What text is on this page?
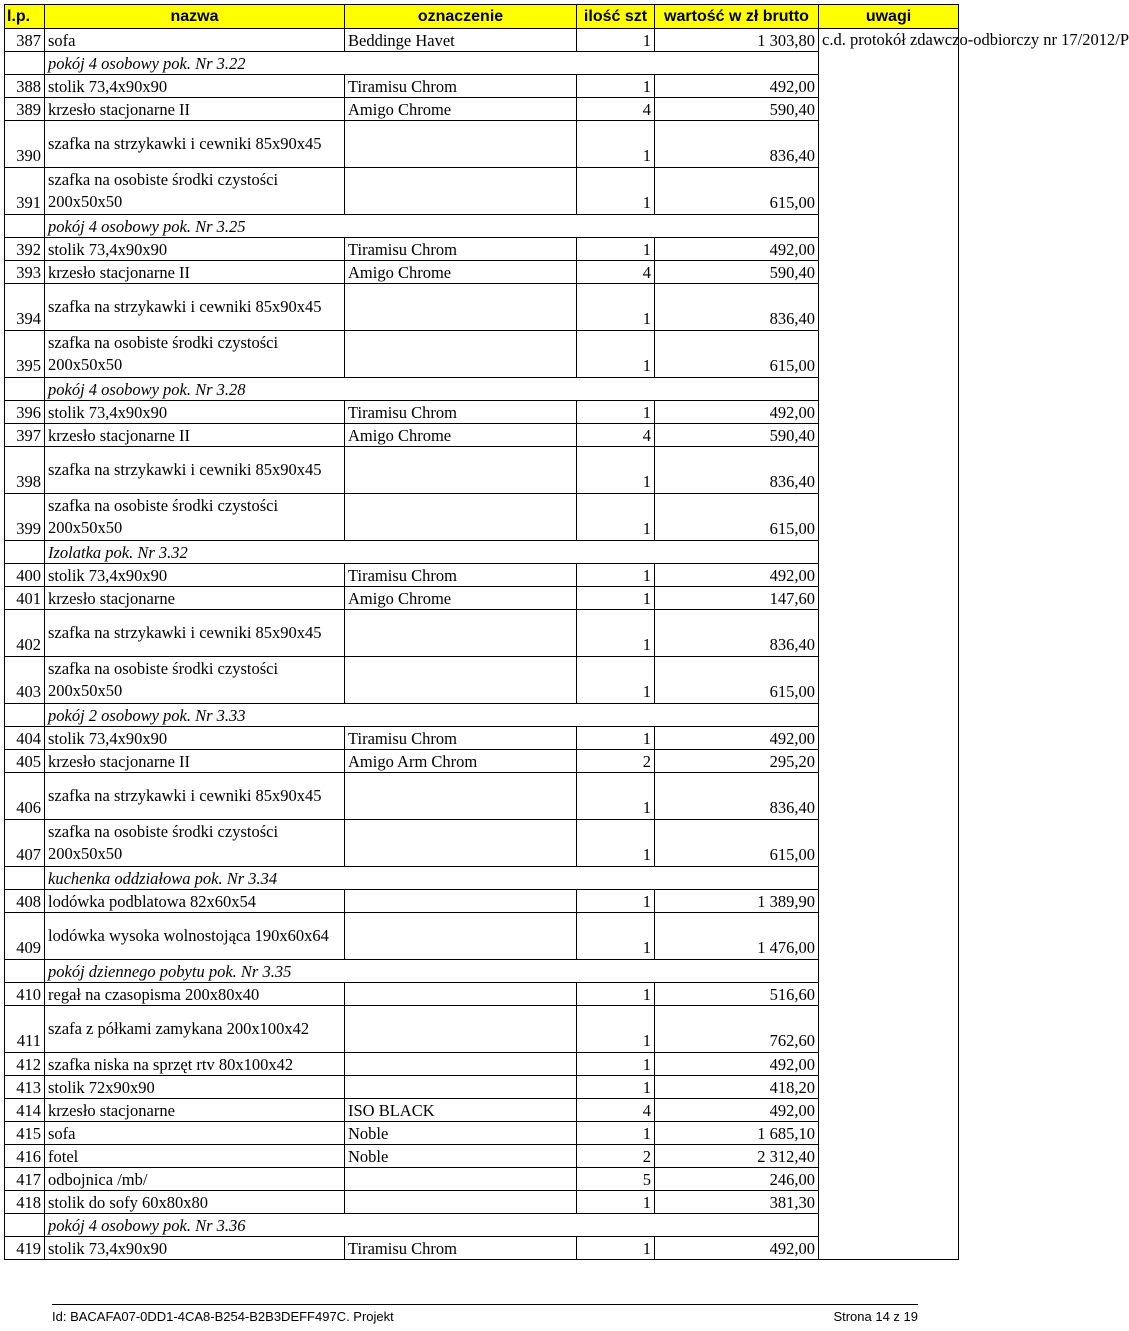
l.p.	nazwa	oznaczenie	ilość szt	wartość w zł brutto	uwagi
387	sofa	Beddinge Havet	1	1 303,80	c.d. protokół zdawczo-odbiorczy nr 17/2012/P
	pokój 4 osobowy pok. Nr 3.22				
388	stolik 73,4x90x90	Tiramisu Chrom	1	492,00	
389	krzesło stacjonarne II	Amigo Chrome	4	590,40	
390	szafka na strzykawki i cewniki 85x90x45		1	836,40	
391	szafka na osobiste środki czystości 200x50x50		1	615,00	
	pokój 4 osobowy pok. Nr 3.25				
392	stolik 73,4x90x90	Tiramisu Chrom	1	492,00	
393	krzesło stacjonarne II	Amigo Chrome	4	590,40	
394	szafka na strzykawki i cewniki 85x90x45		1	836,40	
395	szafka na osobiste środki czystości 200x50x50		1	615,00	
	pokój 4 osobowy pok. Nr 3.28				
396	stolik 73,4x90x90	Tiramisu Chrom	1	492,00	
397	krzesło stacjonarne II	Amigo Chrome	4	590,40	
398	szafka na strzykawki i cewniki 85x90x45		1	836,40	
399	szafka na osobiste środki czystości 200x50x50		1	615,00	
	Izolatka pok. Nr 3.32				
400	stolik 73,4x90x90	Tiramisu Chrom	1	492,00	
401	krzesło stacjonarne	Amigo Chrome	1	147,60	
402	szafka na strzykawki i cewniki 85x90x45		1	836,40	
403	szafka na osobiste środki czystości 200x50x50		1	615,00	
	pokój 2 osobowy pok. Nr 3.33				
404	stolik 73,4x90x90	Tiramisu Chrom	1	492,00	
405	krzesło stacjonarne II	Amigo Arm Chrom	2	295,20	
406	szafka na strzykawki i cewniki 85x90x45		1	836,40	
407	szafka na osobiste środki czystości 200x50x50		1	615,00	
	kuchenka oddziałowa pok. Nr 3.34				
408	lodówka podblatowa 82x60x54		1	1 389,90	
409	lodówka wysoka wolnostojąca 190x60x64		1	1 476,00	
	pokój dziennego pobytu pok. Nr 3.35				
410	regał na czasopisma 200x80x40		1	516,60	
411	szafa z półkami zamykana 200x100x42		1	762,60	
412	szafka niska na sprzęt rtv 80x100x42		1	492,00	
413	stolik 72x90x90		1	418,20	
414	krzesło stacjonarne	ISO BLACK	4	492,00	
415	sofa	Noble	1	1 685,10	
416	fotel	Noble	2	2 312,40	
417	odbojnica /mb/		5	246,00	
418	stolik do sofy 60x80x80		1	381,30	
	pokój 4 osobowy pok. Nr 3.36				
419	stolik 73,4x90x90	Tiramisu Chrom	1	492,00	
Id: BACAFA07-0DD1-4CA8-B254-B2B3DEFF497C. Projekt	Strona 14 z 19
